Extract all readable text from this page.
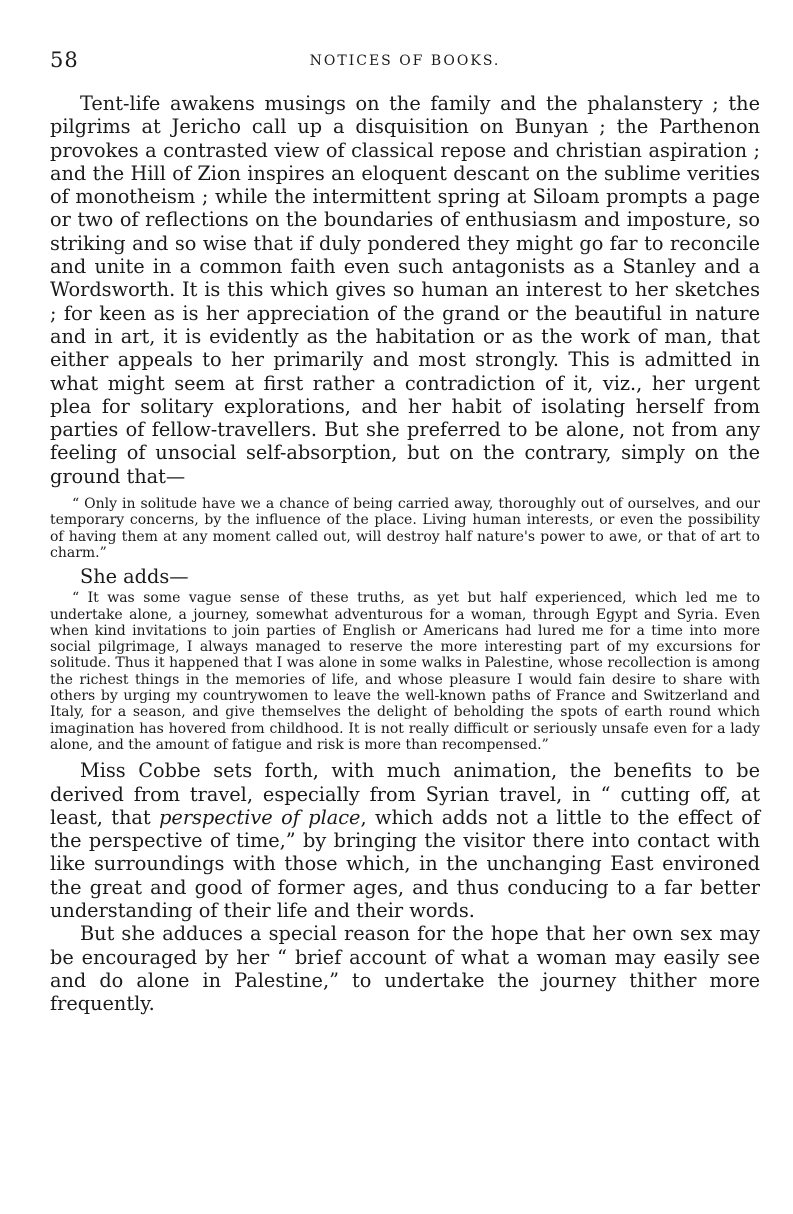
58	NOTICES OF BOOKS.

Tent-life awakens musings on the family and the phalanstery ; the pilgrims at Jericho call up a disquisition on Bunyan ; the Parthenon provokes a contrasted view of classical repose and christian aspiration ; and the Hill of Zion inspires an eloquent descant on the sublime verities of monotheism ; while the intermittent spring at Siloam prompts a page or two of reflections on the boundaries of enthusiasm and imposture, so striking and so wise that if duly pondered they might go far to reconcile and unite in a common faith even such antagonists as a Stanley and a Wordsworth. It is this which gives so human an interest to her sketches ; for keen as is her appreciation of the grand or the beautiful in nature and in art, it is evidently as the habitation or as the work of man, that either appeals to her primarily and most strongly. This is admitted in what might seem at first rather a contradiction of it, viz., her urgent plea for solitary explorations, and her habit of isolating herself from parties of fellow-travellers. But she preferred to be alone, not from any feeling of unsocial self-absorption, but on the contrary, simply on the ground that—

“ Only in solitude have we a chance of being carried away, thoroughly out of ourselves, and our temporary concerns, by the influence of the place. Living human interests, or even the possibility of having them at any moment called out, will destroy half nature's power to awe, or that of art to charm.”

She adds—

“ It was some vague sense of these truths, as yet but half experienced, which led me to undertake alone, a journey, somewhat adventurous for a woman, through Egypt and Syria. Even when kind invitations to join parties of English or Americans had lured me for a time into more social pilgrimage, I always managed to reserve the more interesting part of my excursions for solitude. Thus it happened that I was alone in some walks in Palestine, whose recollection is among the richest things in the memories of life, and whose pleasure I would fain desire to share with others by urging my countrywomen to leave the well-known paths of France and Switzerland and Italy, for a season, and give themselves the delight of beholding the spots of earth round which imagination has hovered from childhood. It is not really difficult or seriously unsafe even for a lady alone, and the amount of fatigue and risk is more than recompensed.”

Miss Cobbe sets forth, with much animation, the benefits to be derived from travel, especially from Syrian travel, in “ cutting off, at least, that perspective of place, which adds not a little to the effect of the perspective of time,” by bringing the visitor there into contact with like surroundings with those which, in the unchanging East environed the great and good of former ages, and thus conducing to a far better understanding of their life and their words.

But she adduces a special reason for the hope that her own sex may be encouraged by her “ brief account of what a woman may easily see and do alone in Palestine,” to undertake the journey thither more frequently.
